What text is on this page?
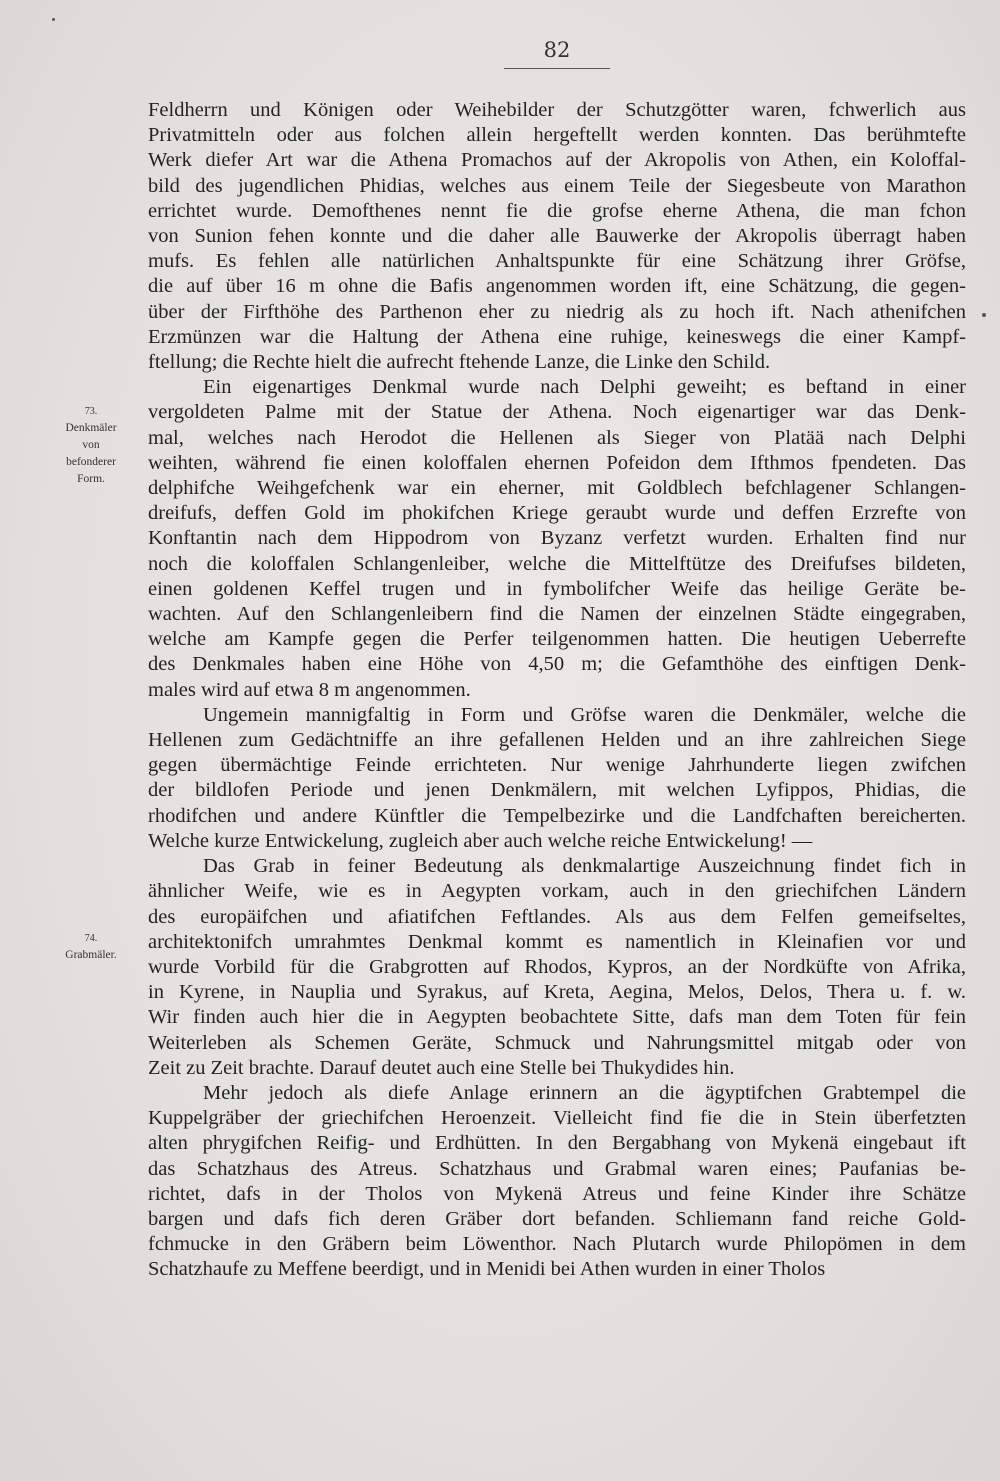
82
73.
Denkmäler
von
befonderer
Form.
74.
Grabmäler.
Feldherrn und Königen oder Weihebilder der Schutzgötter waren, fchwerlich aus
Privatmitteln oder aus folchen allein hergeftellt werden konnten. Das berühmtefte
Werk diefer Art war die Athena Promachos auf der Akropolis von Athen, ein Koloffal-
bild des jugendlichen Phidias, welches aus einem Teile der Siegesbeute von Marathon
errichtet wurde. Demofthenes nennt fie die grofse eherne Athena, die man fchon
von Sunion fehen konnte und die daher alle Bauwerke der Akropolis überragt haben
mufs. Es fehlen alle natürlichen Anhaltspunkte für eine Schätzung ihrer Gröfse,
die auf über 16 m ohne die Bafis angenommen worden ift, eine Schätzung, die gegen-
über der Firfthöhe des Parthenon eher zu niedrig als zu hoch ift. Nach athenifchen
Erzmünzen war die Haltung der Athena eine ruhige, keineswegs die einer Kampf-
ftellung; die Rechte hielt die aufrecht ftehende Lanze, die Linke den Schild.
Ein eigenartiges Denkmal wurde nach Delphi geweiht; es beftand in einer
vergoldeten Palme mit der Statue der Athena. Noch eigenartiger war das Denk-
mal, welches nach Herodot die Hellenen als Sieger von Platää nach Delphi
weihten, während fie einen koloffalen ehernen Pofeidon dem Ifthmos fpendeten. Das
delphifche Weihgefchenk war ein eherner, mit Goldblech befchlagener Schlangen-
dreifufs, deffen Gold im phokifchen Kriege geraubt wurde und deffen Erzrefte von
Konftantin nach dem Hippodrom von Byzanz verfetzt wurden. Erhalten find nur
noch die koloffalen Schlangenleiber, welche die Mittelftütze des Dreifufses bildeten,
einen goldenen Keffel trugen und in fymbolifcher Weife das heilige Geräte be-
wachten. Auf den Schlangenleibern find die Namen der einzelnen Städte eingegraben,
welche am Kampfe gegen die Perfer teilgenommen hatten. Die heutigen Ueberrefte
des Denkmales haben eine Höhe von 4,50 m; die Gefamthöhe des einftigen Denk-
males wird auf etwa 8 m angenommen.
Ungemein mannigfaltig in Form und Gröfse waren die Denkmäler, welche die
Hellenen zum Gedächtniffe an ihre gefallenen Helden und an ihre zahlreichen Siege
gegen übermächtige Feinde errichteten. Nur wenige Jahrhunderte liegen zwifchen
der bildlofen Periode und jenen Denkmälern, mit welchen Lyfippos, Phidias, die
rhodifchen und andere Künftler die Tempelbezirke und die Landfchaften bereicherten.
Welche kurze Entwickelung, zugleich aber auch welche reiche Entwickelung! —
Das Grab in feiner Bedeutung als denkmalartige Auszeichnung findet fich in
ähnlicher Weife, wie es in Aegypten vorkam, auch in den griechifchen Ländern
des europäifchen und afiatifchen Feftlandes. Als aus dem Felfen gemeifseltes,
architektonifch umrahmtes Denkmal kommt es namentlich in Kleinafien vor und
wurde Vorbild für die Grabgrotten auf Rhodos, Kypros, an der Nordküfte von Afrika,
in Kyrene, in Nauplia und Syrakus, auf Kreta, Aegina, Melos, Delos, Thera u. f. w.
Wir finden auch hier die in Aegypten beobachtete Sitte, dafs man dem Toten für fein
Weiterleben als Schemen Geräte, Schmuck und Nahrungsmittel mitgab oder von
Zeit zu Zeit brachte. Darauf deutet auch eine Stelle bei Thukydides hin.
Mehr jedoch als diefe Anlage erinnern an die ägyptifchen Grabtempel die
Kuppelgräber der griechifchen Heroenzeit. Vielleicht find fie die in Stein überfetzten
alten phrygifchen Reifig- und Erdhütten. In den Bergabhang von Mykenä eingebaut ift
das Schatzhaus des Atreus. Schatzhaus und Grabmal waren eines; Paufanias be-
richtet, dafs in der Tholos von Mykenä Atreus und feine Kinder ihre Schätze
bargen und dafs fich deren Gräber dort befanden. Schliemann fand reiche Gold-
fchmucke in den Gräbern beim Löwenthor. Nach Plutarch wurde Philopömen in dem
Schatzhaufe zu Meffene beerdigt, und in Menidi bei Athen wurden in einer Tholos
